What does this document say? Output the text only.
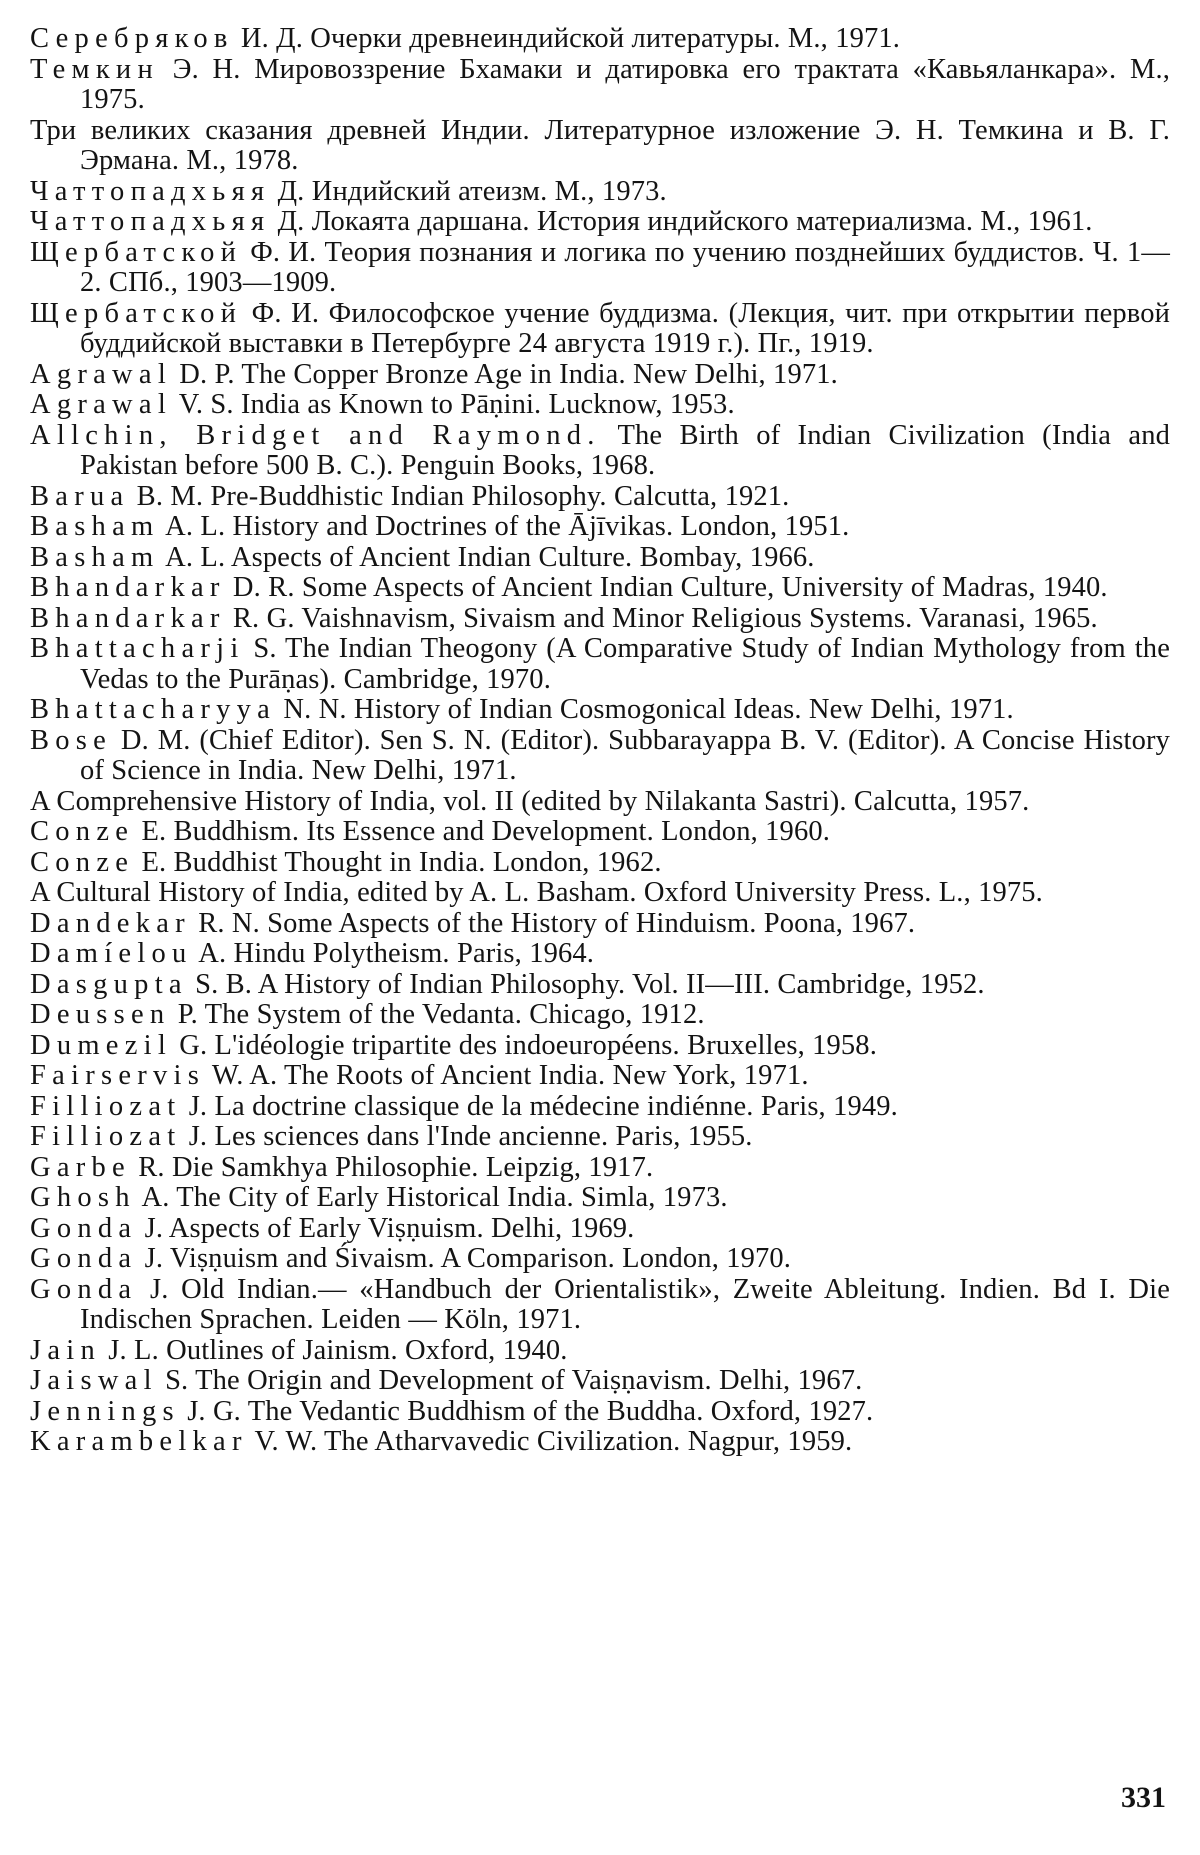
Серебряков И. Д. Очерки древнеиндийской литературы. М., 1971.

Темкин Э. Н. Мировоззрение Бхамаки и датировка его трактата «Кавьяланкара». М., 1975.

Три великих сказания древней Индии. Литературное изложение Э. Н. Темкина и В. Г. Эрмана. М., 1978.

Чаттопадхьяя Д. Индийский атеизм. М., 1973.

Чаттопадхьяя Д. Локаята даршана. История индийского материализма. М., 1961.

Щербатской Ф. И. Теория познания и логика по учению позднейших буддистов. Ч. 1—2. СПб., 1903—1909.

Щербатской Ф. И. Философское учение буддизма. (Лекция, чит. при открытии первой буддийской выставки в Петербурге 24 августа 1919 г.). Пг., 1919.

Agrawal D. P. The Copper Bronze Age in India. New Delhi, 1971.

Agrawal V. S. India as Known to Pāṇini. Lucknow, 1953.

Allchin, Bridget and Raymond. The Birth of Indian Civilization (India and Pakistan before 500 B. C.). Penguin Books, 1968.

Barua B. M. Pre-Buddhistic Indian Philosophy. Calcutta, 1921.

Basham A. L. History and Doctrines of the Ājīvikas. London, 1951.

Basham A. L. Aspects of Ancient Indian Culture. Bombay, 1966.

Bhandarkar D. R. Some Aspects of Ancient Indian Culture, University of Madras, 1940.

Bhandarkar R. G. Vaishnavism, Sivaism and Minor Religious Systems. Varanasi, 1965.

Bhattacharji S. The Indian Theogony (A Comparative Study of Indian Mythology from the Vedas to the Purāṇas). Cambridge, 1970.

Bhattacharyya N. N. History of Indian Cosmogonical Ideas. New Delhi, 1971.

Bose D. M. (Chief Editor). Sen S. N. (Editor). Subbarayappa B. V. (Editor). A Concise History of Science in India. New Delhi, 1971.

A Comprehensive History of India, vol. II (edited by Nilakanta Sastri). Calcutta, 1957.

Conze E. Buddhism. Its Essence and Development. London, 1960.

Conze E. Buddhist Thought in India. London, 1962.

A Cultural History of India, edited by A. L. Basham. Oxford University Press. L., 1975.

Dandekar R. N. Some Aspects of the History of Hinduism. Poona, 1967.

Damíelou A. Hindu Polytheism. Paris, 1964.

Dasgupta S. B. A History of Indian Philosophy. Vol. II—III. Cambridge, 1952.

Deussen P. The System of the Vedanta. Chicago, 1912.

Dumezil G. L'idéologie tripartite des indoeuropéens. Bruxelles, 1958.

Fairservis W. A. The Roots of Ancient India. New York, 1971.

Filliozat J. La doctrine classique de la médecine indiénne. Paris, 1949.

Filliozat J. Les sciences dans l'Inde ancienne. Paris, 1955.

Garbe R. Die Samkhya Philosophie. Leipzig, 1917.

Ghosh A. The City of Early Historical India. Simla, 1973.

Gonda J. Aspects of Early Viṣṇuism. Delhi, 1969.

Gonda J. Viṣṇuism and Śivaism. A Comparison. London, 1970.

Gonda J. Old Indian.— «Handbuch der Orientalistik», Zweite Ableitung. Indien. Bd I. Die Indischen Sprachen. Leiden — Köln, 1971.

Jain J. L. Outlines of Jainism. Oxford, 1940.

Jaiswal S. The Origin and Development of Vaiṣṇavism. Delhi, 1967.

Jennings J. G. The Vedantic Buddhism of the Buddha. Oxford, 1927.

Karambelkar V. W. The Atharvavedic Civilization. Nagpur, 1959.

331
